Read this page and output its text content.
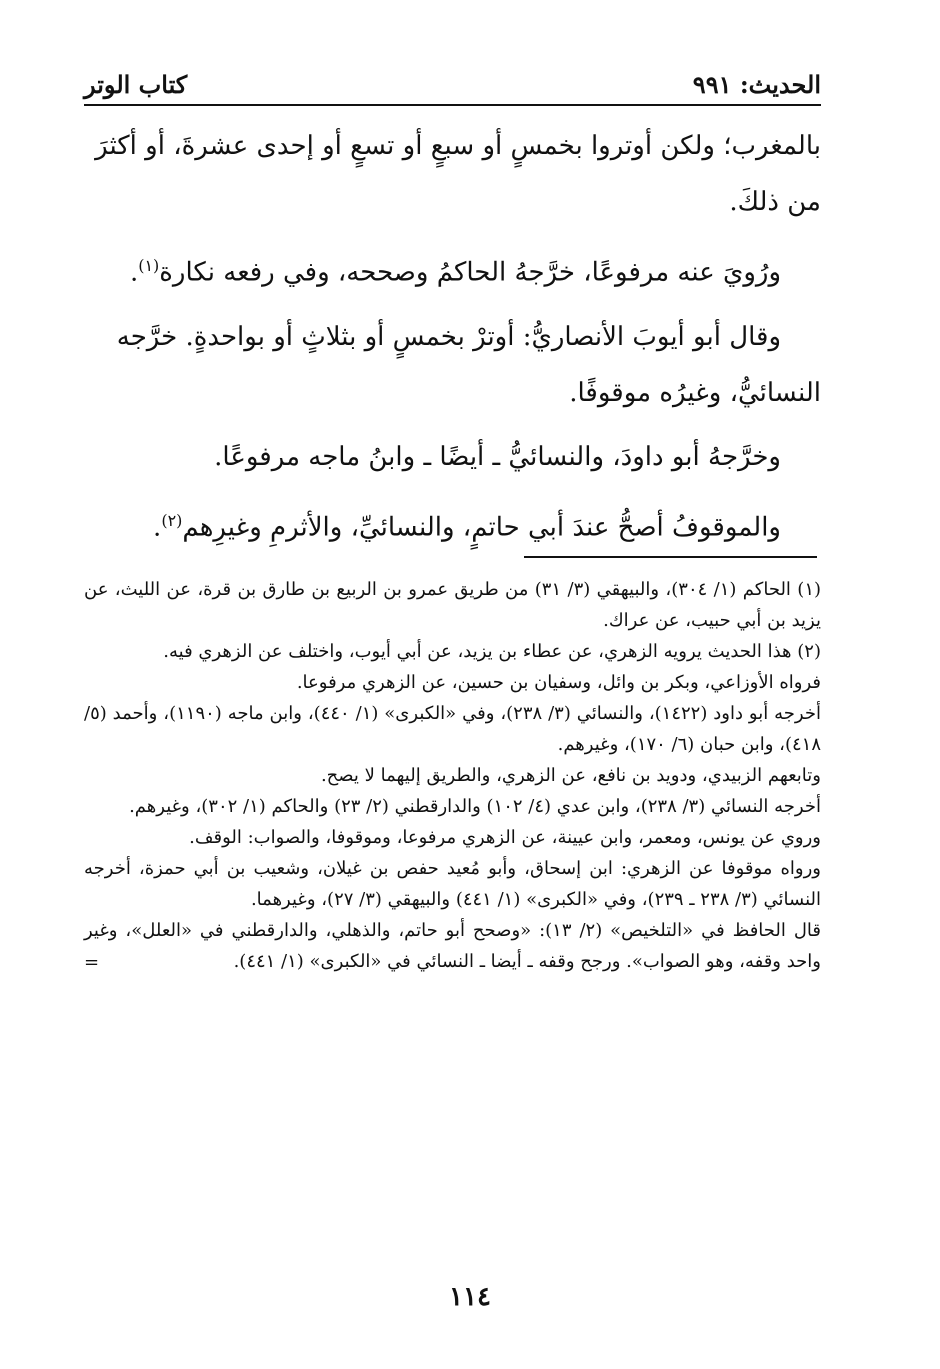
الحديث: ٩٩١
كتاب الوتر

بالمغرب؛ ولكن أوتروا بخمسٍ أو سبعٍ أو تسعٍ أو إحدى عشرةَ، أو أكثرَ من ذلكَ.

ورُويَ عنه مرفوعًا، خرَّجهُ الحاكمُ وصححه، وفي رفعه نكارة$^{(١)}$.

وقال أبو أيوبَ الأنصاريُّ: أوترْ بخمسٍ أو بثلاثٍ أو بواحدةٍ. خرَّجه النسائيُّ، وغيرُه موقوفًا.

وخرَّجهُ أبو داودَ، والنسائيُّ ـ أيضًا ـ وابنُ ماجه مرفوعًا.

والموقوفُ أصحُّ عندَ أبي حاتمٍ، والنسائيِّ، والأثرمِ وغيرِهم$^{(٢)}$.

(١) الحاكم (١/ ٣٠٤)، والبيهقي (٣/ ٣١) من طريق عمرو بن الربيع بن طارق بن قرة، عن الليث، عن يزيد بن أبي حبيب، عن عراك.

(٢) هذا الحديث يرويه الزهري، عن عطاء بن يزيد، عن أبي أيوب، واختلف عن الزهري فيه.

فرواه الأوزاعي، وبكر بن وائل، وسفيان بن حسين، عن الزهري مرفوعا.

أخرجه أبو داود (١٤٢٢)، والنسائي (٣/ ٢٣٨)، وفي «الكبرى» (١/ ٤٤٠)، وابن ماجه (١١٩٠)، وأحمد (٥/ ٤١٨)، وابن حبان (٦/ ١٧٠)، وغيرهم.

وتابعهم الزبيدي، ودويد بن نافع، عن الزهري، والطريق إليهما لا يصح.

أخرجه النسائي (٣/ ٢٣٨)، وابن عدي (٤/ ١٠٢) والدارقطني (٢/ ٢٣) والحاكم (١/ ٣٠٢)، وغيرهم.

وروي عن يونس، ومعمر، وابن عيينة، عن الزهري مرفوعا، وموقوفا، والصواب: الوقف.

ورواه موقوفا عن الزهري: ابن إسحاق، وأبو مُعيد حفص بن غيلان، وشعيب بن أبي حمزة، أخرجه النسائي (٣/ ٢٣٨ ـ ٢٣٩)، وفي «الكبرى» (١/ ٤٤١) والبيهقي (٣/ ٢٧)، وغيرهما.

قال الحافظ في «التلخيص» (٢/ ١٣): «وصحح أبو حاتم، والذهلي، والدارقطني في «العلل»، وغير واحد وقفه، وهو الصواب». ورجح وقفه ـ أيضا ـ النسائي في «الكبرى» (١/ ٤٤١).

=

١١٤
